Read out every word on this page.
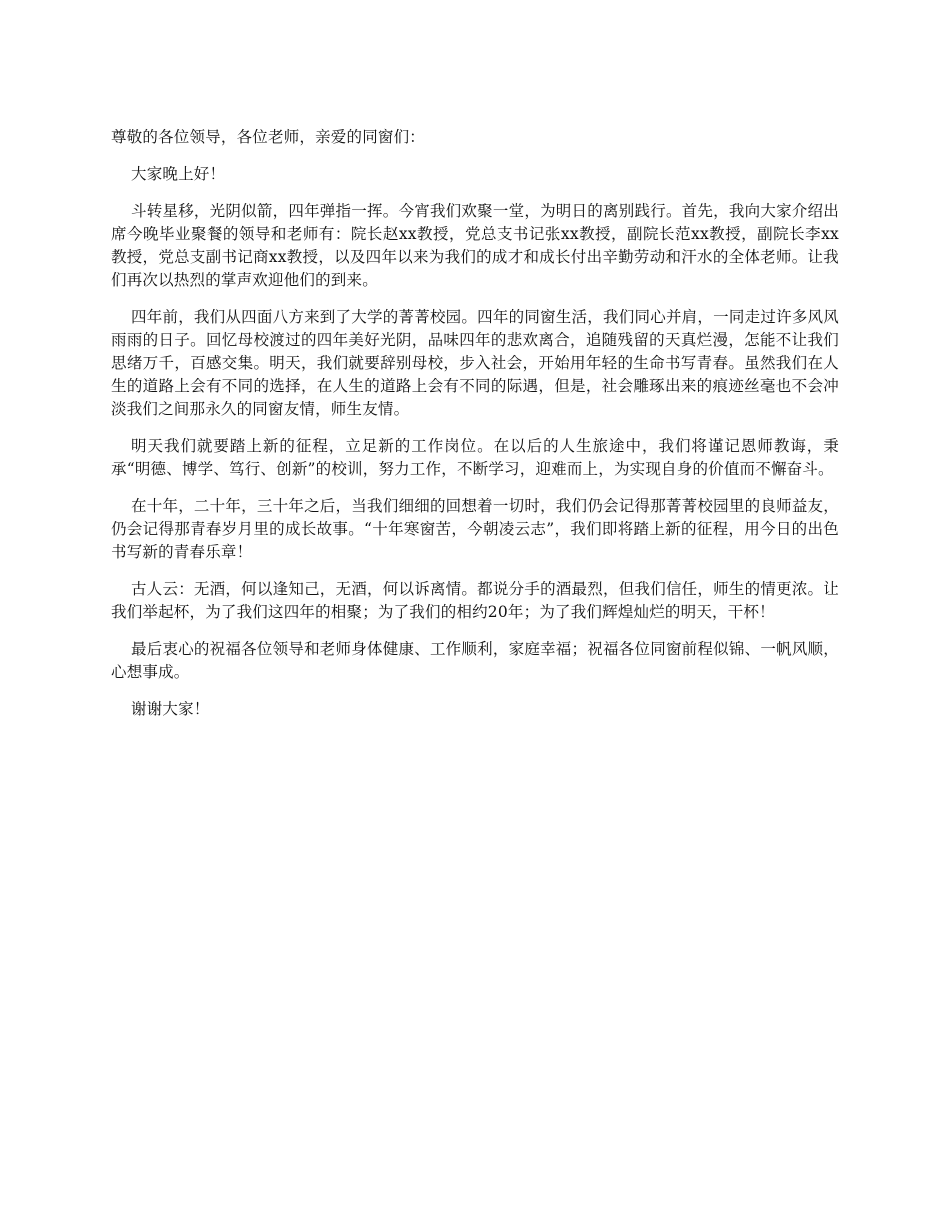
尊敬的各位领导，各位老师，亲爱的同窗们：

大家晚上好！

斗转星移，光阴似箭，四年弹指一挥。今宵我们欢聚一堂，为明日的离别践行。首先，我向大家介绍出席今晚毕业聚餐的领导和老师有：院长赵xx教授，党总支书记张xx教授，副院长范xx教授，副院长李xx教授，党总支副书记商xx教授，以及四年以来为我们的成才和成长付出辛勤劳动和汗水的全体老师。让我们再次以热烈的掌声欢迎他们的到来。

四年前，我们从四面八方来到了大学的菁菁校园。四年的同窗生活，我们同心并肩，一同走过许多风风雨雨的日子。回忆母校渡过的四年美好光阴，品味四年的悲欢离合，追随残留的天真烂漫，怎能不让我们思绪万千，百感交集。明天，我们就要辞别母校，步入社会，开始用年轻的生命书写青春。虽然我们在人生的道路上会有不同的选择，在人生的道路上会有不同的际遇，但是，社会雕琢出来的痕迹丝毫也不会冲淡我们之间那永久的同窗友情，师生友情。

明天我们就要踏上新的征程，立足新的工作岗位。在以后的人生旅途中，我们将谨记恩师教诲，秉承“明德、博学、笃行、创新”的校训，努力工作，不断学习，迎难而上，为实现自身的价值而不懈奋斗。

在十年，二十年，三十年之后，当我们细细的回想着一切时，我们仍会记得那菁菁校园里的良师益友，仍会记得那青春岁月里的成长故事。“十年寒窗苦，今朝凌云志”，我们即将踏上新的征程，用今日的出色书写新的青春乐章！

古人云：无酒，何以逢知己，无酒，何以诉离情。都说分手的酒最烈，但我们信任，师生的情更浓。让我们举起杯，为了我们这四年的相聚；为了我们的相约20年；为了我们辉煌灿烂的明天，干杯！

最后衷心的祝福各位领导和老师身体健康、工作顺利，家庭幸福；祝福各位同窗前程似锦、一帆风顺，心想事成。

谢谢大家！
